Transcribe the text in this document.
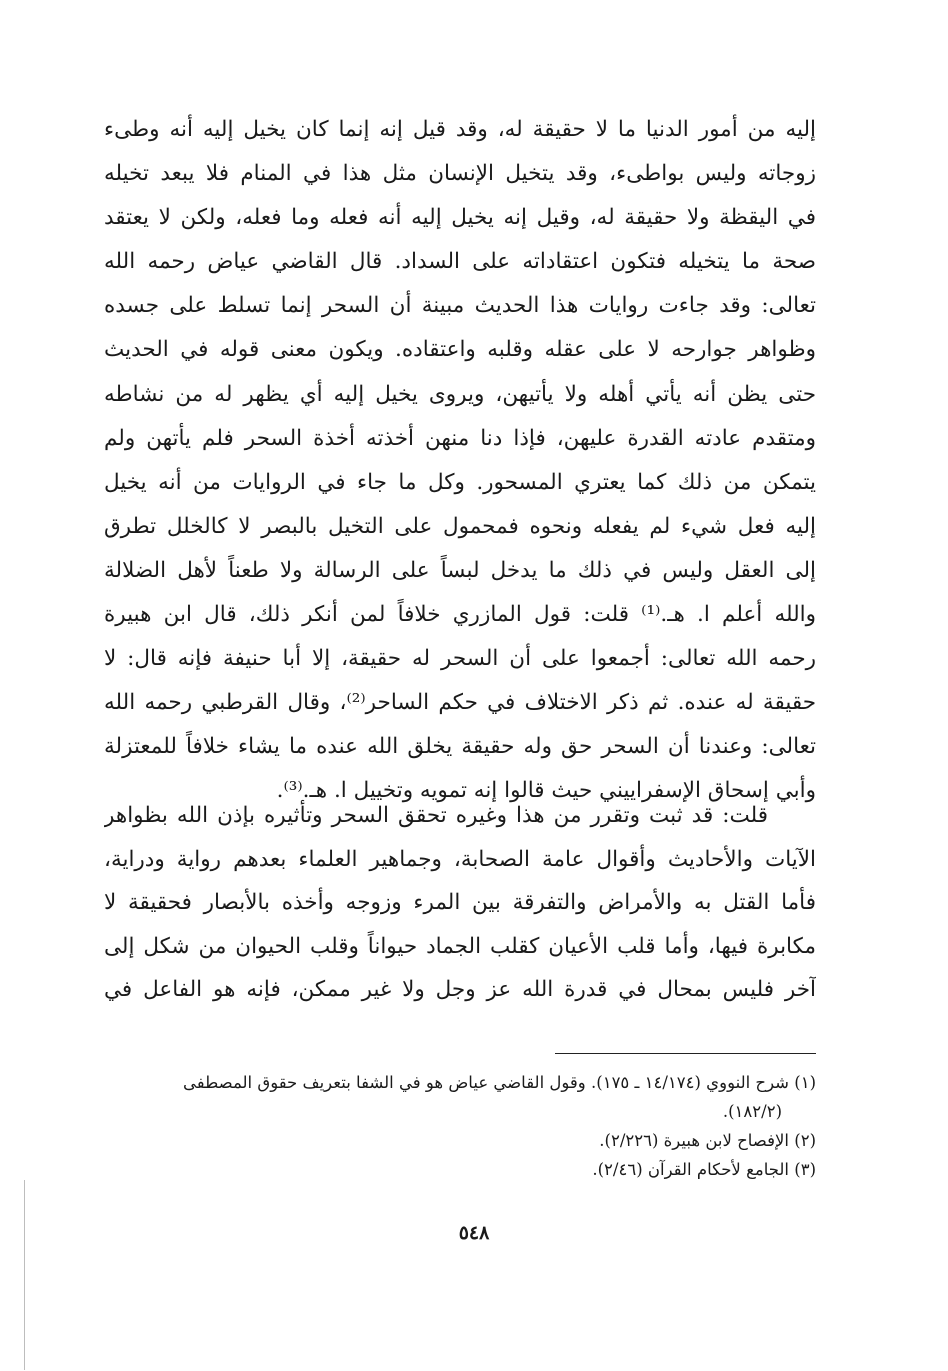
إليه من أمور الدنيا ما لا حقيقة له، وقد قيل إنه إنما كان يخيل إليه أنه وطىء
زوجاته وليس بواطىء، وقد يتخيل الإنسان مثل هذا في المنام فلا يبعد تخيله
في اليقظة ولا حقيقة له، وقيل إنه يخيل إليه أنه فعله وما فعله، ولكن لا يعتقد
صحة ما يتخيله فتكون اعتقاداته على السداد. قال القاضي عياض رحمه الله
تعالى: وقد جاءت روايات هذا الحديث مبينة أن السحر إنما تسلط على جسده
وظواهر جوارحه لا على عقله وقلبه واعتقاده. ويكون معنى قوله في الحديث
حتى يظن أنه يأتي أهله ولا يأتيهن، ويروى يخيل إليه أي يظهر له من نشاطه
ومتقدم عادته القدرة عليهن، فإذا دنا منهن أخذته أخذة السحر فلم يأتهن ولم
يتمكن من ذلك كما يعتري المسحور. وكل ما جاء في الروايات من أنه يخيل
إليه فعل شيء لم يفعله ونحوه فمحمول على التخيل بالبصر لا كالخلل تطرق
إلى العقل وليس في ذلك ما يدخل لبساً على الرسالة ولا طعناً لأهل الضلالة
والله أعلم ا. هـ.⁽¹⁾ قلت: قول المازري خلافاً لمن أنكر ذلك، قال ابن هبيرة
رحمه الله تعالى: أجمعوا على أن السحر له حقيقة، إلا أبا حنيفة فإنه قال: لا
حقيقة له عنده. ثم ذكر الاختلاف في حكم الساحر⁽²⁾، وقال القرطبي رحمه الله
تعالى: وعندنا أن السحر حق وله حقيقة يخلق الله عنده ما يشاء خلافاً للمعتزلة
وأبي إسحاق الإسفراييني حيث قالوا إنه تمويه وتخييل ا. هـ.⁽³⁾.
قلت: قد ثبت وتقرر من هذا وغيره تحقق السحر وتأثيره بإذن الله بظواهر
الآيات والأحاديث وأقوال عامة الصحابة، وجماهير العلماء بعدهم رواية ودراية،
فأما القتل به والأمراض والتفرقة بين المرء وزوجه وأخذه بالأبصار فحقيقة لا
مكابرة فيها، وأما قلب الأعيان كقلب الجماد حيواناً وقلب الحيوان من شكل إلى
آخر فليس بمحال في قدرة الله عز وجل ولا غير ممكن، فإنه هو الفاعل في
(١) شرح النووي (١٤/١٧٤ ـ ١٧٥). وقول القاضي عياض هو في الشفا بتعريف حقوق المصطفى
(١٨٢/٢).
(٢) الإفصاح لابن هبيرة (٢/٢٢٦).
(٣) الجامع لأحكام القرآن (٢/٤٦).
٥٤٨
